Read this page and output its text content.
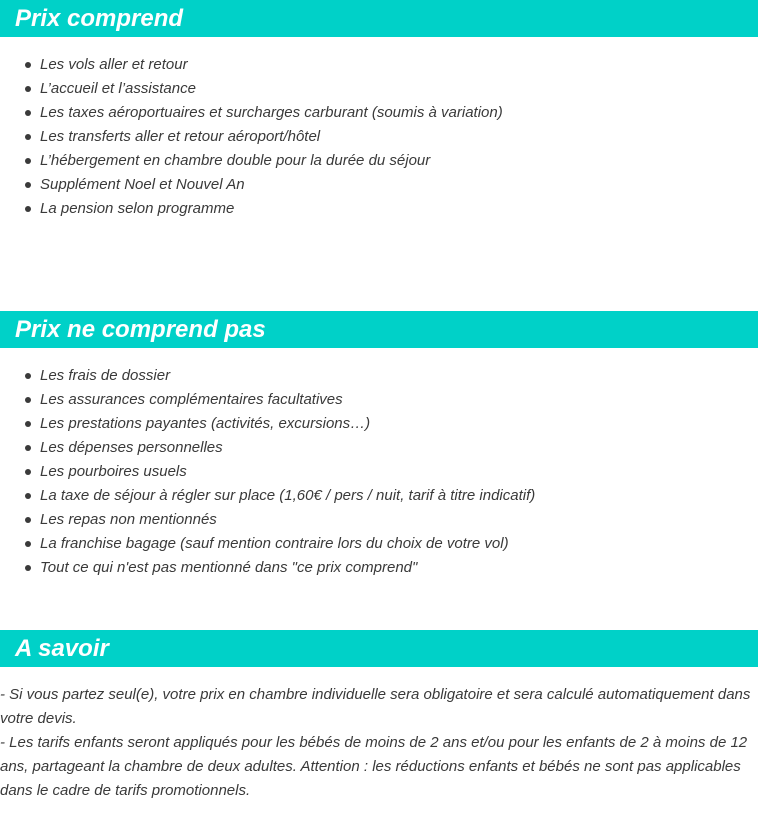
Prix comprend
Les vols aller et retour
L’accueil et l’assistance
Les taxes aéroportuaires et surcharges carburant (soumis à variation)
Les transferts aller et retour aéroport/hôtel
L’hébergement en chambre double pour la durée du séjour
Supplément Noel et Nouvel An
La pension selon programme
Prix ne comprend pas
Les frais de dossier
Les assurances complémentaires facultatives
Les prestations payantes (activités, excursions…)
Les dépenses personnelles
Les pourboires usuels
La taxe de séjour à régler sur place (1,60€ / pers / nuit, tarif à titre indicatif)
Les repas non mentionnés
La franchise bagage (sauf mention contraire lors du choix de votre vol)
Tout ce qui n'est pas mentionné dans "ce prix comprend"
A savoir

- Si vous partez seul(e), votre prix en chambre individuelle sera obligatoire et sera calculé automatiquement dans votre devis.

- Les tarifs enfants seront appliqués pour les bébés de moins de 2 ans et/ou pour les enfants de 2 à moins de 12 ans, partageant la chambre de deux adultes. Attention : les réductions enfants et bébés ne sont pas applicables dans le cadre de tarifs promotionnels.
